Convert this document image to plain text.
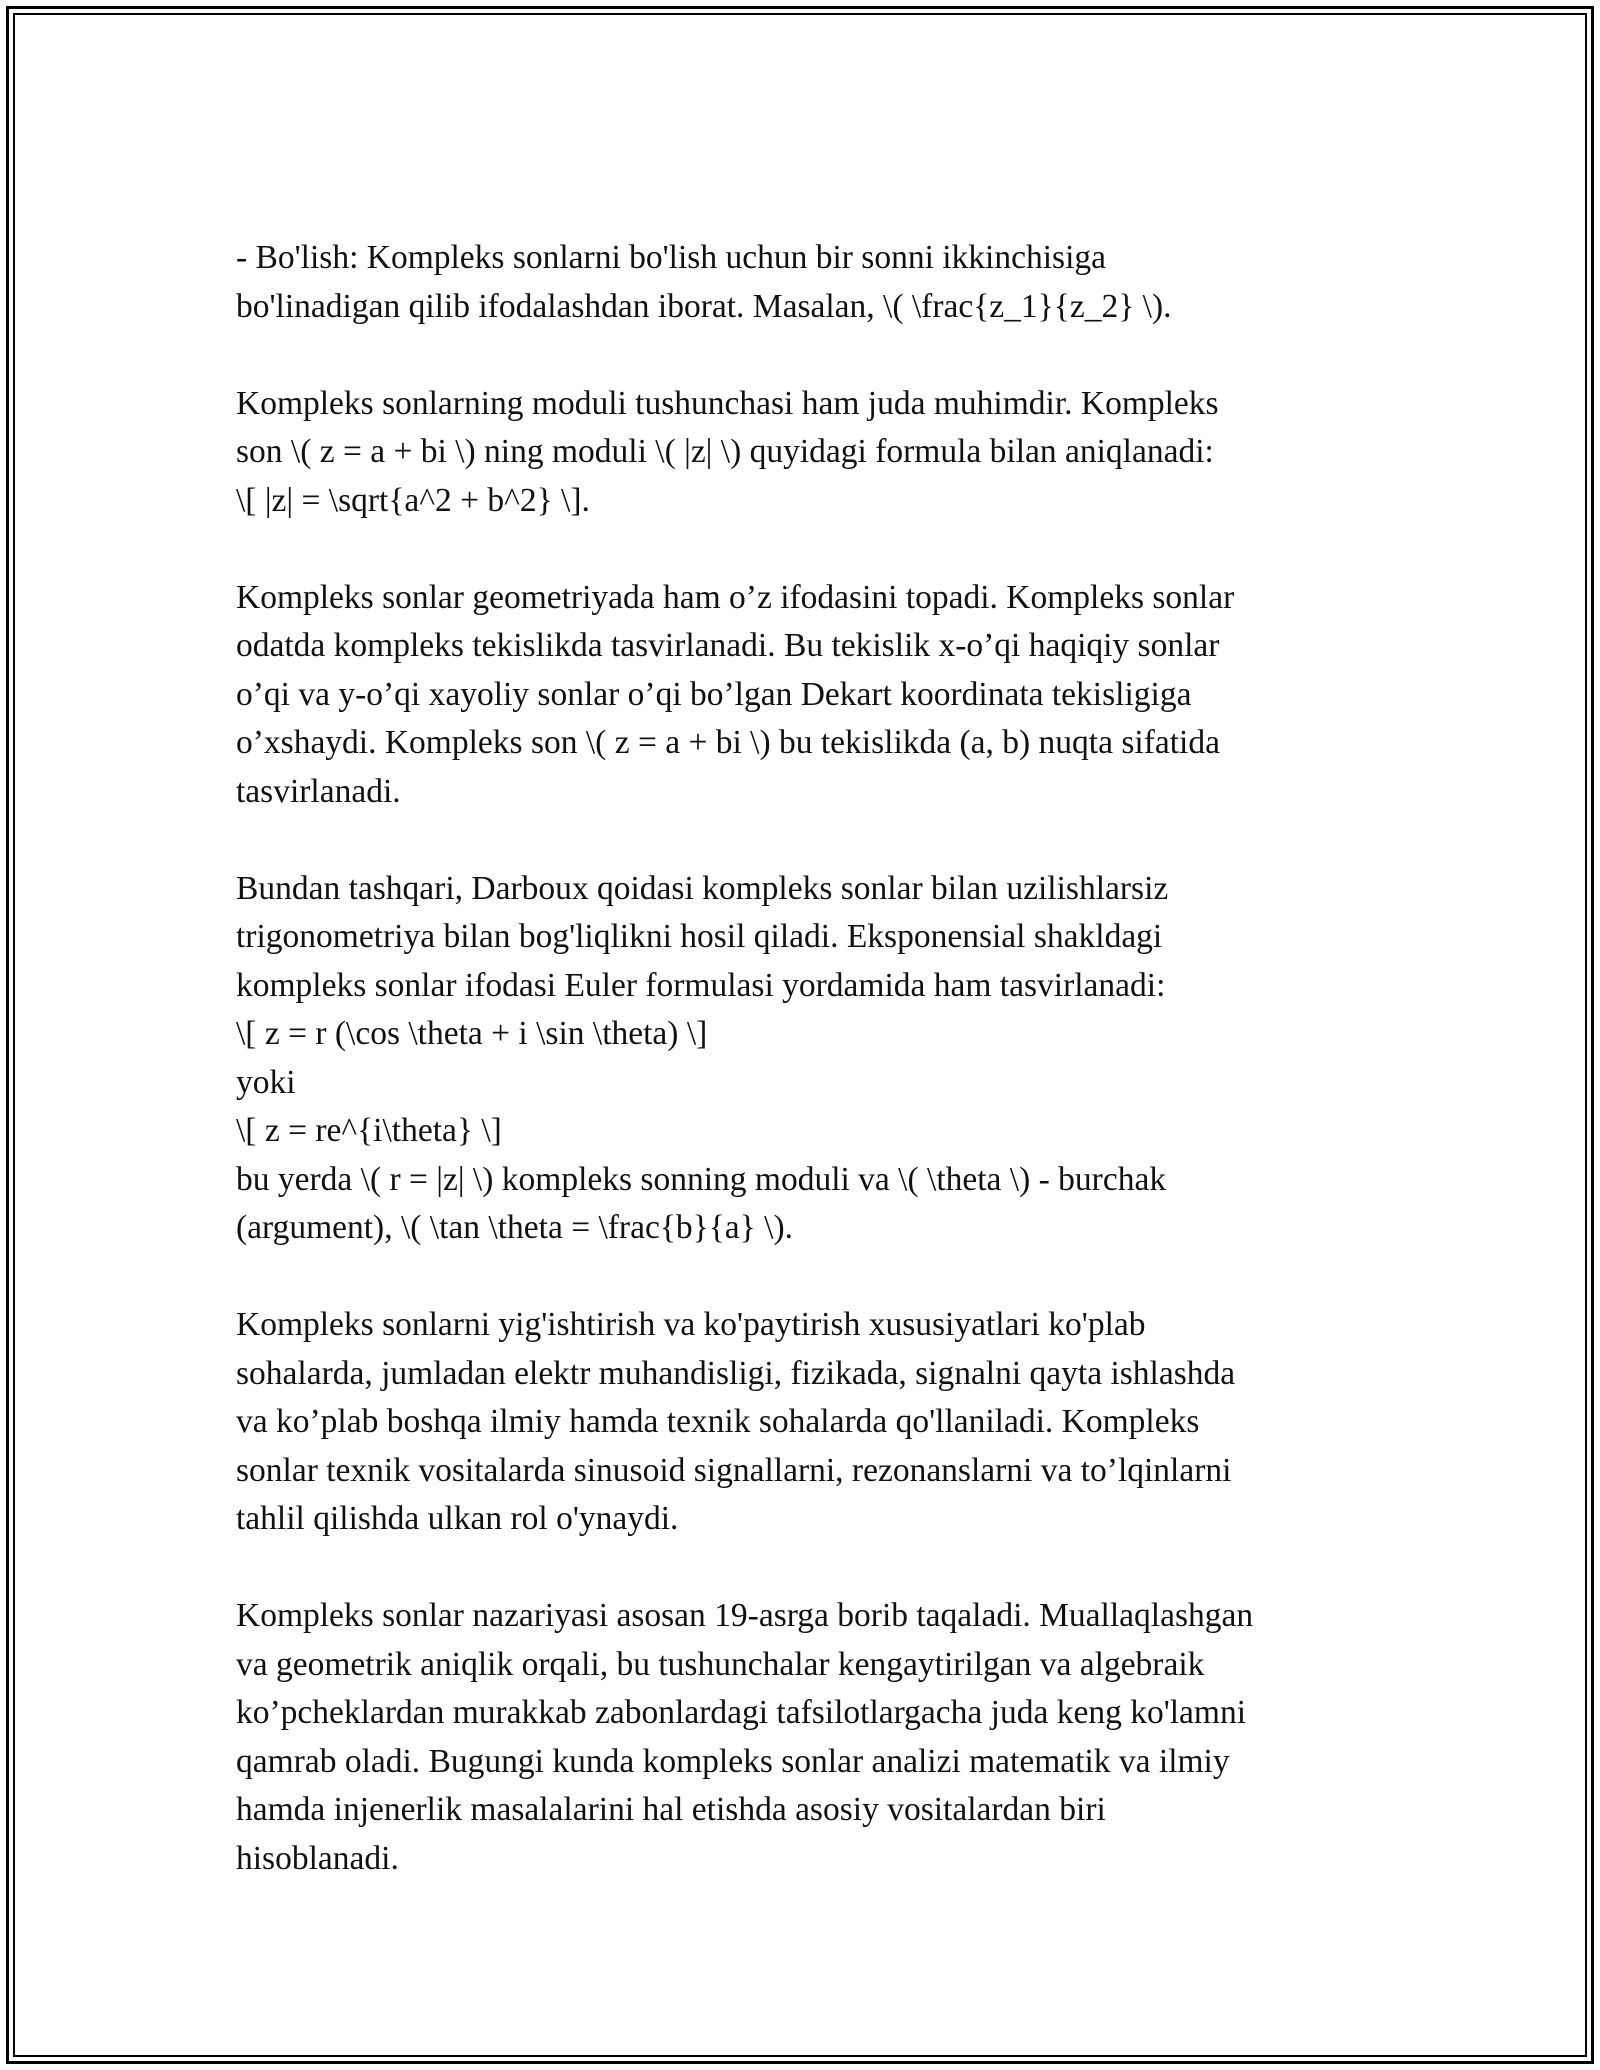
- Bo'lish: Kompleks sonlarni bo'lish uchun bir sonni ikkinchisiga
bo'linadigan qilib ifodalashdan iborat. Masalan, \( \frac{z_1}{z_2} \).
Kompleks sonlarning moduli tushunchasi ham juda muhimdir. Kompleks
son \( z = a + bi \) ning moduli \( |z| \) quyidagi formula bilan aniqlanadi:
\[ |z| = \sqrt{a^2 + b^2} \].
Kompleks sonlar geometriyada ham o’z ifodasini topadi. Kompleks sonlar
odatda kompleks tekislikda tasvirlanadi. Bu tekislik x-o’qi haqiqiy sonlar
o’qi va y-o’qi xayoliy sonlar o’qi bo’lgan Dekart koordinata tekisligiga
o’xshaydi. Kompleks son \( z = a + bi \) bu tekislikda (a, b) nuqta sifatida
tasvirlanadi.
Bundan tashqari, Darboux qoidasi kompleks sonlar bilan uzilishlarsiz
trigonometriya bilan bog'liqlikni hosil qiladi. Eksponensial shakldagi
kompleks sonlar ifodasi Euler formulasi yordamida ham tasvirlanadi:
\[ z = r (\cos \theta + i \sin \theta) \]
yoki
\[ z = re^{i\theta} \]
bu yerda \( r = |z| \) kompleks sonning moduli va \( \theta \) - burchak
(argument), \( \tan \theta = \frac{b}{a} \).
Kompleks sonlarni yig'ishtirish va ko'paytirish xususiyatlari ko'plab
sohalarda, jumladan elektr muhandisligi, fizikada, signalni qayta ishlashda
va ko’plab boshqa ilmiy hamda texnik sohalarda qo'llaniladi. Kompleks
sonlar texnik vositalarda sinusoid signallarni, rezonanslarni va to’lqinlarni
tahlil qilishda ulkan rol o'ynaydi.
Kompleks sonlar nazariyasi asosan 19-asrga borib taqaladi. Muallaqlashgan
va geometrik aniqlik orqali, bu tushunchalar kengaytirilgan va algebraik
ko’pcheklardan murakkab zabonlardagi tafsilotlargacha juda keng ko'lamni
qamrab oladi. Bugungi kunda kompleks sonlar analizi matematik va ilmiy
hamda injenerlik masalalarini hal etishda asosiy vositalardan biri
hisoblanadi.
